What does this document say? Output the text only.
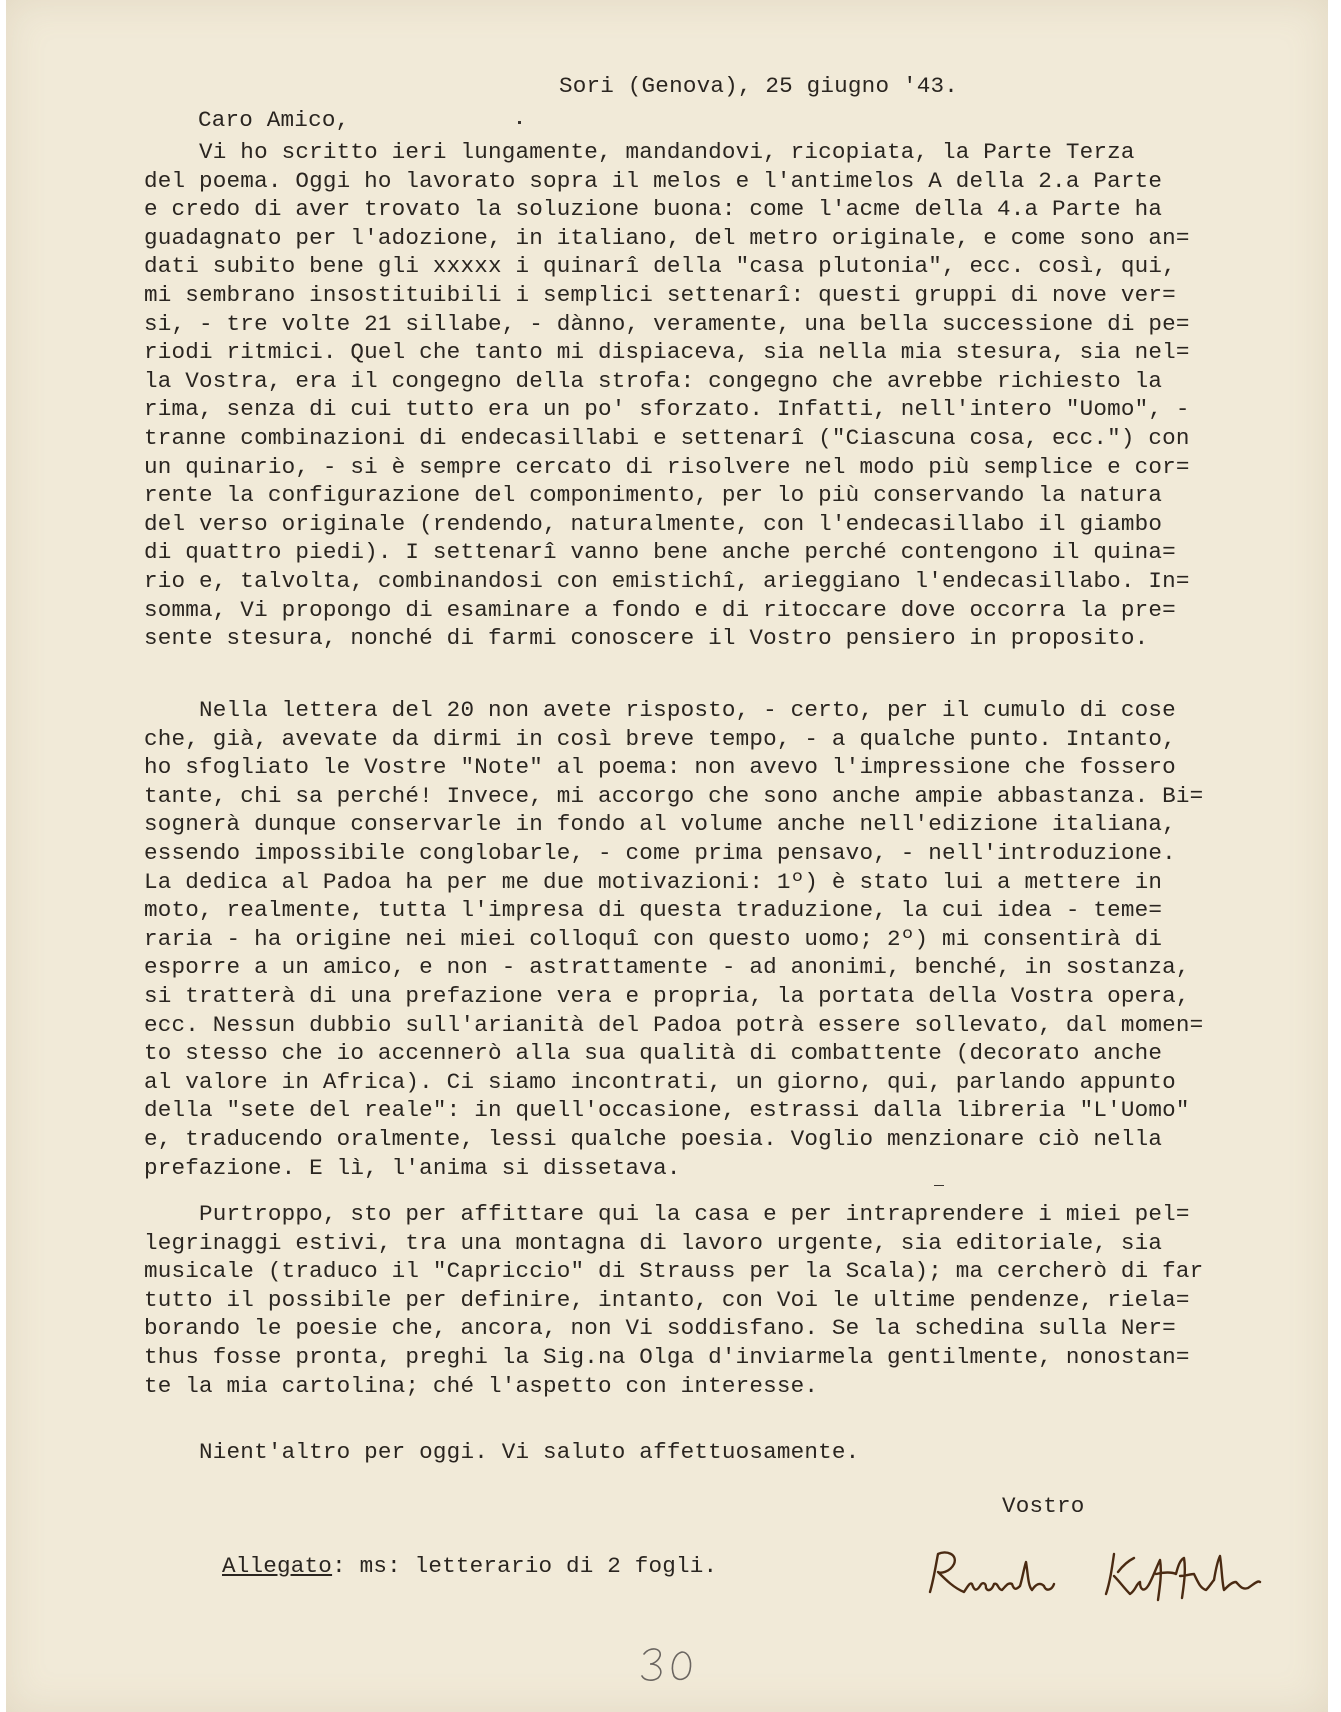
Sori (Genova), 25 giugno '43.
Caro Amico,
Vi ho scritto ieri lungamente, mandandovi, ricopiata, la Parte Terza
del poema. Oggi ho lavorato sopra il melos e l'antimelos A della 2.a Parte
e credo di aver trovato la soluzione buona: come l'acme della 4.a Parte ha
guadagnato per l'adozione, in italiano, del metro originale, e come sono an=
dati subito bene gli xxxxx i quinarî della "casa plutonia", ecc. così, qui,
mi sembrano insostituibili i semplici settenarî: questi gruppi di nove ver=
si, - tre volte 21 sillabe, - dànno, veramente, una bella successione di pe=
riodi ritmici. Quel che tanto mi dispiaceva, sia nella mia stesura, sia nel=
la Vostra, era il congegno della strofa: congegno che avrebbe richiesto la
rima, senza di cui tutto era un po' sforzato. Infatti, nell'intero "Uomo", -
tranne combinazioni di endecasillabi e settenarî ("Ciascuna cosa, ecc.") con
un quinario, - si è sempre cercato di risolvere nel modo più semplice e cor=
rente la configurazione del componimento, per lo più conservando la natura
del verso originale (rendendo, naturalmente, con l'endecasillabo il giambo
di quattro piedi). I settenarî vanno bene anche perché contengono il quina=
rio e, talvolta, combinandosi con emistichî, arieggiano l'endecasillabo. In=
somma, Vi propongo di esaminare a fondo e di ritoccare dove occorra la pre=
sente stesura, nonché di farmi conoscere il Vostro pensiero in proposito.
Nella lettera del 20 non avete risposto, - certo, per il cumulo di cose
che, già, avevate da dirmi in così breve tempo, - a qualche punto. Intanto,
ho sfogliato le Vostre "Note" al poema: non avevo l'impressione che fossero
tante, chi sa perché! Invece, mi accorgo che sono anche ampie abbastanza. Bi=
sognerà dunque conservarle in fondo al volume anche nell'edizione italiana,
essendo impossibile conglobarle, - come prima pensavo, - nell'introduzione.
La dedica al Padoa ha per me due motivazioni: 1º) è stato lui a mettere in
moto, realmente, tutta l'impresa di questa traduzione, la cui idea - teme=
raria - ha origine nei miei colloquî con questo uomo; 2º) mi consentirà di
esporre a un amico, e non - astrattamente - ad anonimi, benché, in sostanza,
si tratterà di una prefazione vera e propria, la portata della Vostra opera,
ecc. Nessun dubbio sull'arianità del Padoa potrà essere sollevato, dal momen=
to stesso che io accennerò alla sua qualità di combattente (decorato anche
al valore in Africa). Ci siamo incontrati, un giorno, qui, parlando appunto
della "sete del reale": in quell'occasione, estrassi dalla libreria "L'Uomo"
e, traducendo oralmente, lessi qualche poesia. Voglio menzionare ciò nella
prefazione. E lì, l'anima si dissetava.
Purtroppo, sto per affittare qui la casa e per intraprendere i miei pel=
legrinaggi estivi, tra una montagna di lavoro urgente, sia editoriale, sia
musicale (traduco il "Capriccio" di Strauss per la Scala); ma cercherò di far
tutto il possibile per definire, intanto, con Voi le ultime pendenze, riela=
borando le poesie che, ancora, non Vi soddisfano. Se la schedina sulla Ner=
thus fosse pronta, preghi la Sig.na Olga d'inviarmela gentilmente, nonostan=
te la mia cartolina; ché l'aspetto con interesse.
Nient'altro per oggi. Vi saluto affettuosamente.
Vostro
Allegato: ms: letterario di 2 fogli.
